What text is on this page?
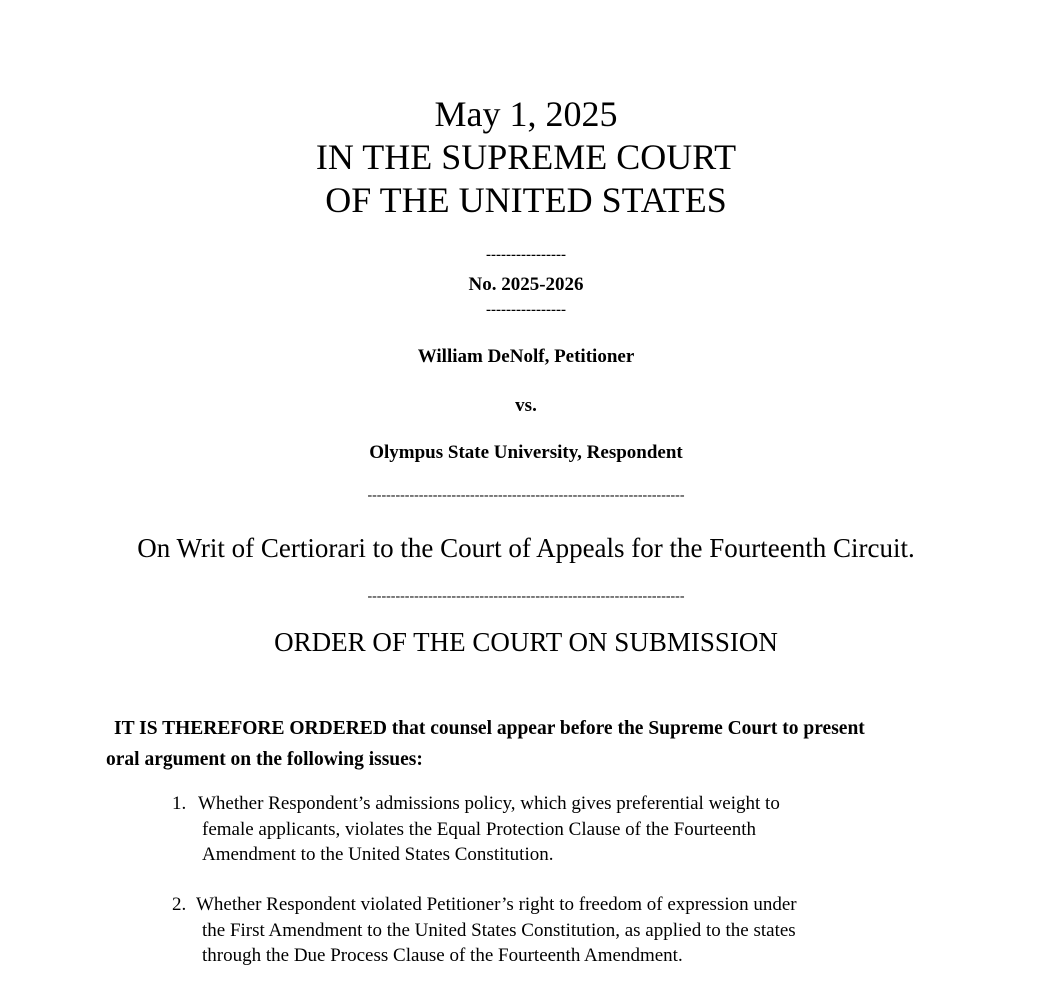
May 1, 2025
IN THE SUPREME COURT
OF THE UNITED STATES
----------------
No. 2025-2026
----------------
William DeNolf, Petitioner
vs.
Olympus State University, Respondent
--------------------------------------------------------------------
On Writ of Certiorari to the Court of Appeals for the Fourteenth Circuit.
--------------------------------------------------------------------
ORDER OF THE COURT ON SUBMISSION
IT IS THEREFORE ORDERED that counsel appear before the Supreme Court to present oral argument on the following issues:
1. Whether Respondent’s admissions policy, which gives preferential weight to
female applicants, violates the Equal Protection Clause of the Fourteenth
Amendment to the United States Constitution.
2. Whether Respondent violated Petitioner’s right to freedom of expression under
the First Amendment to the United States Constitution, as applied to the states
through the Due Process Clause of the Fourteenth Amendment.
